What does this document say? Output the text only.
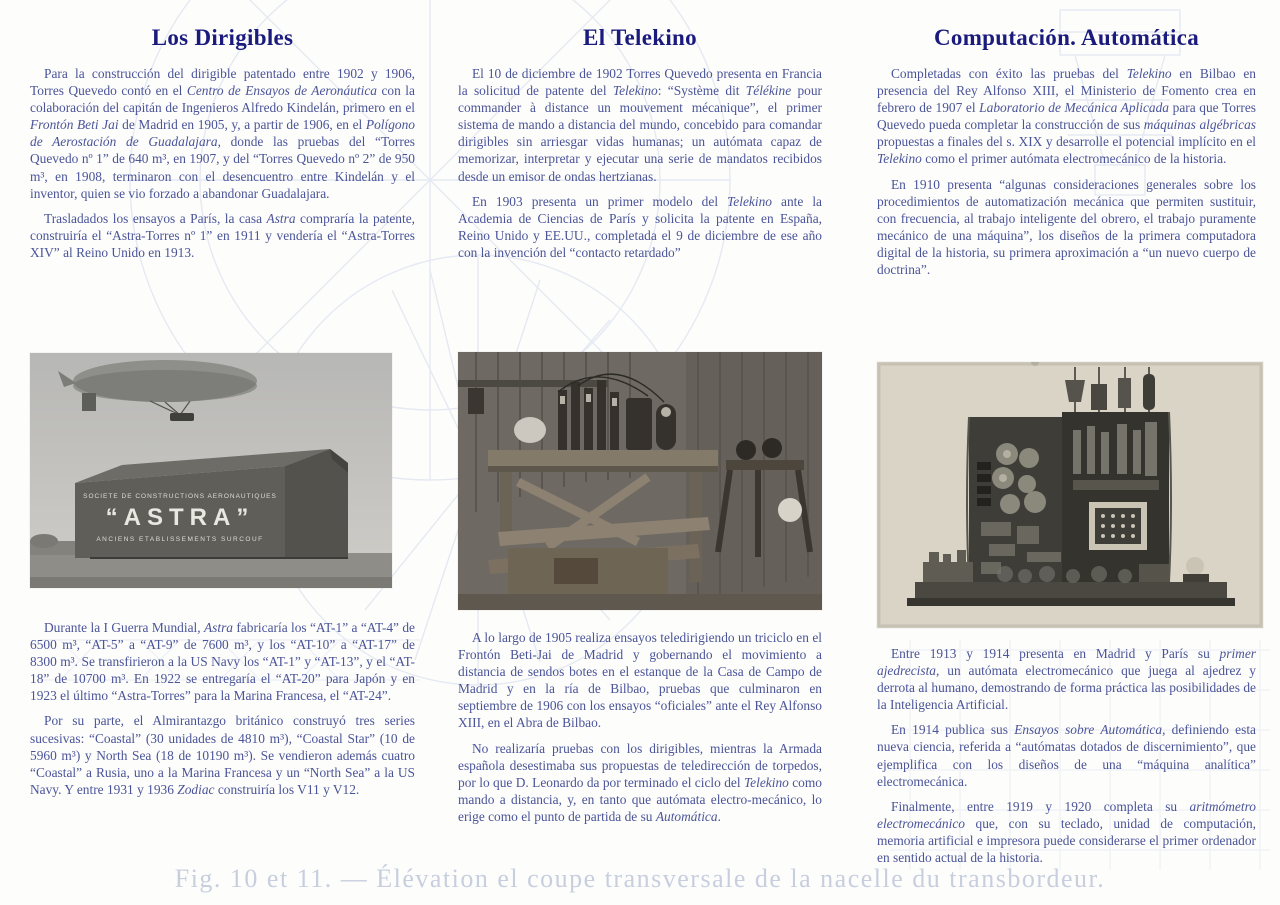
Fig. 10 et 11. — Élévation el coupe transversale de la nacelle du transbordeur.
Los Dirigibles

Para la construcción del dirigible patentado entre 1902 y 1906, Torres Quevedo contó en el Centro de Ensayos de Aeronáutica con la colaboración del capitán de Ingenieros Alfredo Kindelán, primero en el Frontón Beti Jai de Madrid en 1905, y, a partir de 1906, en el Polígono de Aerostación de Guadalajara, donde las pruebas del “Torres Quevedo nº 1” de 640 m³, en 1907, y del “Torres Quevedo nº 2” de 950 m³, en 1908, terminaron con el desencuentro entre Kindelán y el inventor, quien se vio forzado a abandonar Guadalajara.

Trasladados los ensayos a París, la casa Astra compraría la patente, construiría el “Astra-Torres nº 1” en 1911 y vendería el “Astra-Torres XIV” al Reino Unido en 1913.

SOCIETE DE CONSTRUCTIONS AERONAUTIQUES
“ASTRA”
ANCIENS ETABLISSEMENTS SURCOUF

Durante la I Guerra Mundial, Astra fabricaría los “AT-1” a “AT-4” de 6500 m³, “AT-5” a “AT-9” de 7600 m³, y los “AT-10” a “AT-17” de 8300 m³. Se transfirieron a la US Navy los “AT-1” y “AT-13”, y el “AT-18” de 10700 m³. En 1922 se entregaría el “AT-20” para Japón y en 1923 el último “Astra-Torres” para la Marina Francesa, el “AT-24”.

Por su parte, el Almirantazgo británico construyó tres series sucesivas: “Coastal” (30 unidades de 4810 m³), “Coastal Star” (10 de 5960 m³) y North Sea (18 de 10190 m³). Se vendieron además cuatro “Coastal” a Rusia, uno a la Marina Francesa y un “North Sea” a la US Navy. Y entre 1931 y 1936 Zodiac construiría los V11 y V12.

El Telekino

El 10 de diciembre de 1902 Torres Quevedo presenta en Francia la solicitud de patente del Telekino: “Système dit Télékine pour commander à distance un mouvement mécanique”, el primer sistema de mando a distancia del mundo, concebido para comandar dirigibles sin arriesgar vidas humanas; un autómata capaz de memorizar, interpretar y ejecutar una serie de mandatos recibidos desde un emisor de ondas hertzianas.

En 1903 presenta un primer modelo del Telekino ante la Academia de Ciencias de París y solicita la patente en España, Reino Unido y EE.UU., completada el 9 de diciembre de ese año con la invención del “contacto retardado”

A lo largo de 1905 realiza ensayos teledirigiendo un triciclo en el Frontón Beti-Jai de Madrid y gobernando el movimiento a distancia de sendos botes en el estanque de la Casa de Campo de Madrid y en la ría de Bilbao, pruebas que culminaron en septiembre de 1906 con los ensayos “oficiales” ante el Rey Alfonso XIII, en el Abra de Bilbao.

No realizaría pruebas con los dirigibles, mientras la Armada española desestimaba sus propuestas de teledirección de torpedos, por lo que D. Leonardo da por terminado el ciclo del Telekino como mando a distancia, y, en tanto que autómata electro-mecánico, lo erige como el punto de partida de su Automática.

Computación. Automática

Completadas con éxito las pruebas del Telekino en Bilbao en presencia del Rey Alfonso XIII, el Ministerio de Fomento crea en febrero de 1907 el Laboratorio de Mecánica Aplicada para que Torres Quevedo pueda completar la construcción de sus máquinas algébricas propuestas a finales del s. XIX y desarrolle el potencial implícito en el Telekino como el primer autómata electromecánico de la historia.

En 1910 presenta “algunas consideraciones generales sobre los procedimientos de automatización mecánica que permiten sustituir, con frecuencia, al trabajo inteligente del obrero, el trabajo puramente mecánico de una máquina”, los diseños de la primera computadora digital de la historia, su primera aproximación a “un nuevo cuerpo de doctrina”.

Entre 1913 y 1914 presenta en Madrid y París su primer ajedrecista, un autómata electromecánico que juega al ajedrez y derrota al humano, demostrando de forma práctica las posibilidades de la Inteligencia Artificial.

En 1914 publica sus Ensayos sobre Automática, definiendo esta nueva ciencia, referida a “autómatas dotados de discernimiento”, que ejemplifica con los diseños de una “máquina analítica” electromecánica.

Finalmente, entre 1919 y 1920 completa su aritmómetro electromecánico que, con su teclado, unidad de computación, memoria artificial e impresora puede considerarse el primer ordenador en sentido actual de la historia.
